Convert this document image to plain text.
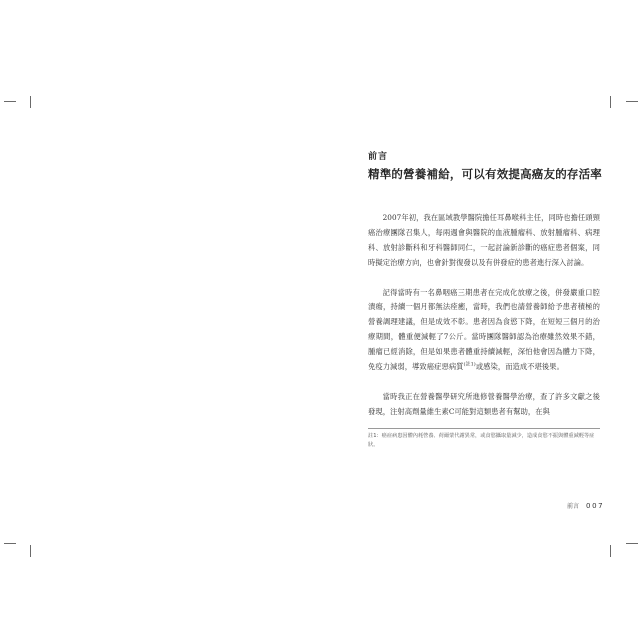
前言
精準的營養補給，可以有效提高癌友的存活率

2007年初，我在區域教學醫院擔任耳鼻喉科主任，同時也擔任頭頸癌治療團隊召集人，每兩週會與醫院的血液腫瘤科、放射腫瘤科、病理科、放射診斷科和牙科醫師同仁，一起討論新診斷的癌症患者個案，同時擬定治療方向，也會針對復發以及有併發症的患者進行深入討論。

記得當時有一名鼻咽癌三期患者在完成化放療之後，併發嚴重口腔潰瘍，持續一個月都無法痊癒，當時，我們也請營養師給予患者積極的營養調理建議，但是成效不彰。患者因為食慾下降，在短短三個月的治療期間，體重便減輕了7公斤。當時團隊醫師認為治療雖然效果不錯，腫瘤已經消除，但是如果患者體重持續減輕，深怕他會因為體力下降，免疫力減弱，導致癌症惡病質$^{(註1)}$或感染，而造成不堪後果。

當時我正在營養醫學研究所進修營養醫學治療，查了許多文獻之後發現，注射高劑量維生素C可能對這類患者有幫助，在與

註1：癌症病患因體內耗營養、荷爾蒙代謝異常，或食慾攝取量減少，造成食慾不振與體重減輕等症狀。
前言 007
